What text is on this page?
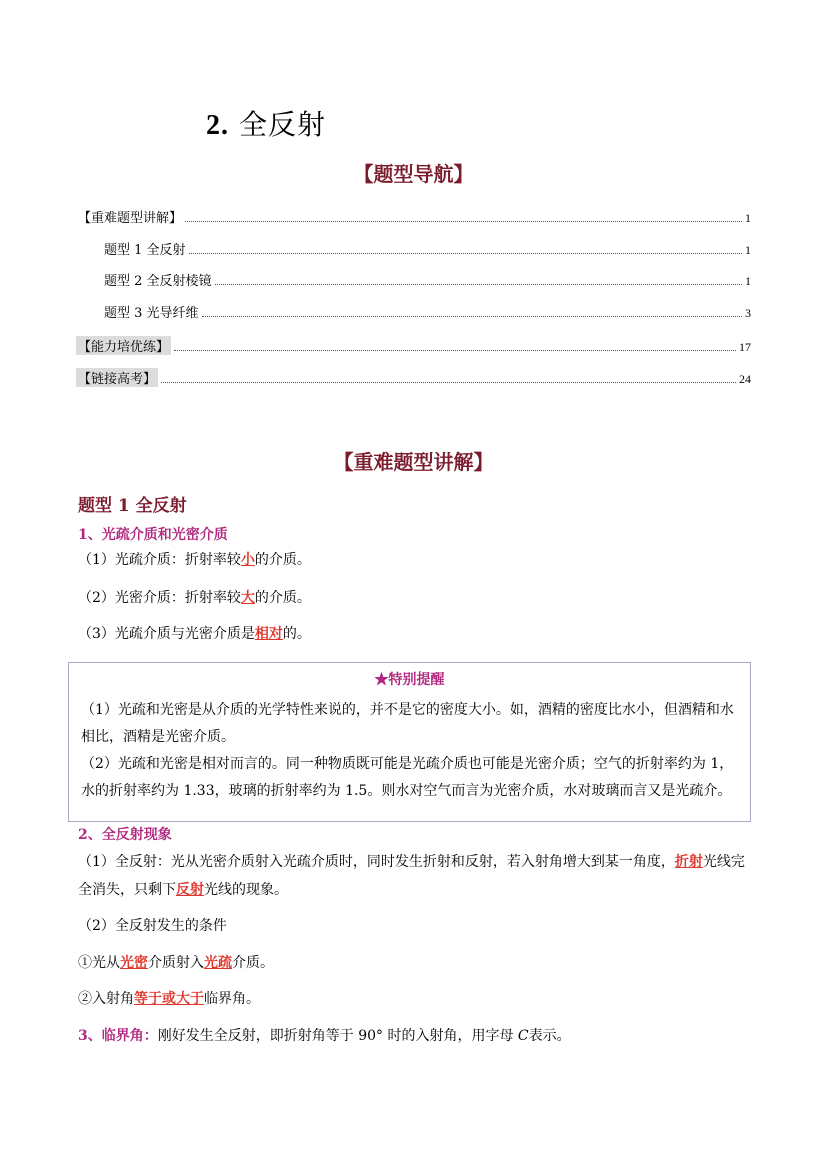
2. 全反射
【题型导航】
【重难题型讲解】	1
题型 1 全反射	1
题型 2 全反射棱镜	1
题型 3 光导纤维	3
【能力培优练】	17
【链接高考】	24
【重难题型讲解】
题型 1 全反射
1、光疏介质和光密介质
（1）光疏介质：折射率较小的介质。
（2）光密介质：折射率较大的介质。
（3）光疏介质与光密介质是相对的。
★特别提醒
（1）光疏和光密是从介质的光学特性来说的，并不是它的密度大小。如，酒精的密度比水小，但酒精和水相比，酒精是光密介质。
（2）光疏和光密是相对而言的。同一种物质既可能是光疏介质也可能是光密介质；空气的折射率约为 1，水的折射率约为 1.33，玻璃的折射率约为 1.5。则水对空气而言为光密介质，水对玻璃而言又是光疏介。
2、全反射现象
（1）全反射：光从光密介质射入光疏介质时，同时发生折射和反射，若入射角增大到某一角度，折射光线完全消失，只剩下反射光线的现象。
（2）全反射发生的条件
①光从光密介质射入光疏介质。
②入射角等于或大于临界角。
3、临界角：刚好发生全反射，即折射角等于 90° 时的入射角，用字母 C表示。
